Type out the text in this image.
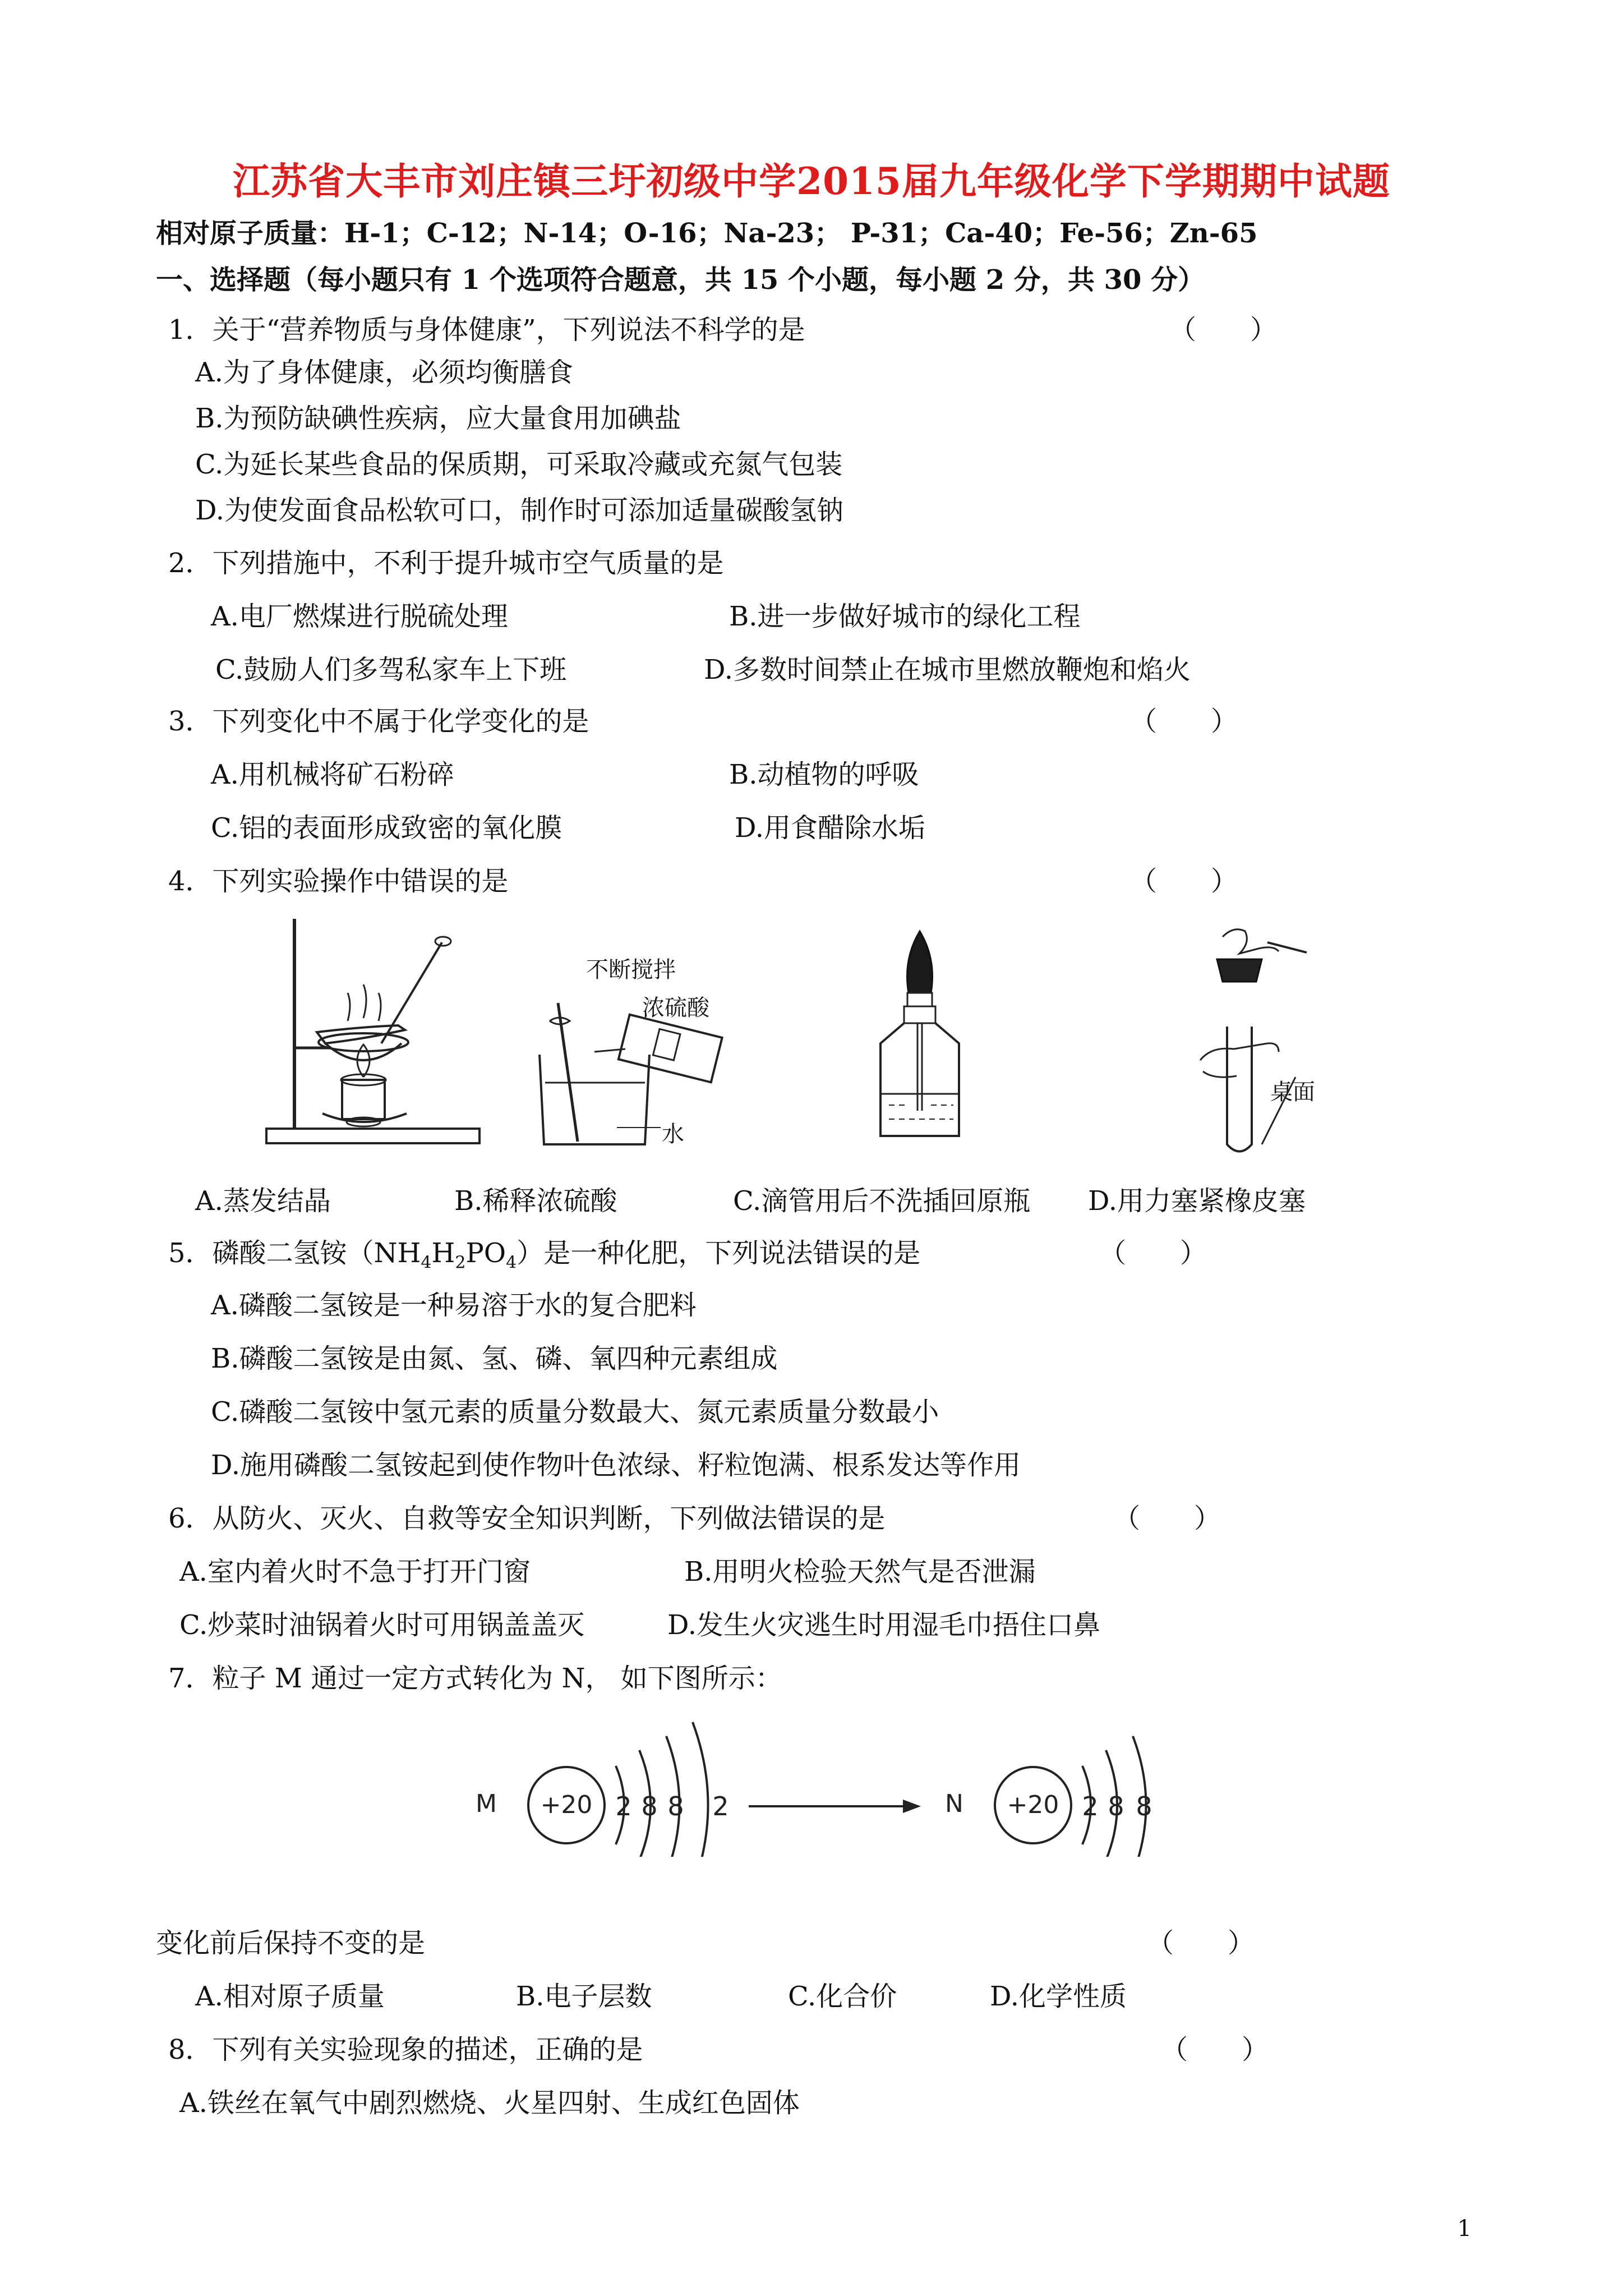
江苏省大丰市刘庄镇三圩初级中学2015届九年级化学下学期期中试题
相对原子质量：H-1；C-12；N-14；O-16；Na-23； P-31；Ca-40；Fe-56；Zn-65
一、选择题（每小题只有 1 个选项符合题意，共 15 个小题，每小题 2 分，共 30 分）
1．关于“营养物质与身体健康”，下列说法不科学的是	（　　）
A.为了身体健康，必须均衡膳食
B.为预防缺碘性疾病，应大量食用加碘盐
C.为延长某些食品的保质期，可采取冷藏或充氮气包装
D.为使发面食品松软可口，制作时可添加适量碳酸氢钠
2．下列措施中，不利于提升城市空气质量的是
A.电厂燃煤进行脱硫处理	B.进一步做好城市的绿化工程
C.鼓励人们多驾私家车上下班	D.多数时间禁止在城市里燃放鞭炮和焰火
3．下列变化中不属于化学变化的是	（　　）
A.用机械将矿石粉碎	B.动植物的呼吸
C.铝的表面形成致密的氧化膜	D.用食醋除水垢
4．下列实验操作中错误的是	（　　）
不断搅拌
浓硫酸
水
桌面
A.蒸发结晶	B.稀释浓硫酸	C.滴管用后不洗插回原瓶 D.用力塞紧橡皮塞
5．磷酸二氢铵$(NH_4H_2PO_4)$是一种化肥，下列说法错误的是	（　　）
A.磷酸二氢铵是一种易溶于水的复合肥料
B.磷酸二氢铵是由氮、氢、磷、氧四种元素组成
C.磷酸二氢铵中氢元素的质量分数最大、氮元素质量分数最小
D.施用磷酸二氢铵起到使作物叶色浓绿、籽粒饱满、根系发达等作用
6．从防火、灭火、自救等安全知识判断，下列做法错误的是	（　　）
A.室内着火时不急于打开门窗	B.用明火检验天然气是否泄漏
C.炒菜时油锅着火时可用锅盖盖灭	D.发生火灾逃生时用湿毛巾捂住口鼻
7．粒子 M 通过一定方式转化为 N， 如下图所示：
M +20 2 8 8 2	N +20 2 8 8
变化前后保持不变的是	（　　）
A.相对原子质量	B.电子层数	C.化合价	D.化学性质
8．下列有关实验现象的描述，正确的是	（　　）
A.铁丝在氧气中剧烈燃烧、火星四射、生成红色固体
1
